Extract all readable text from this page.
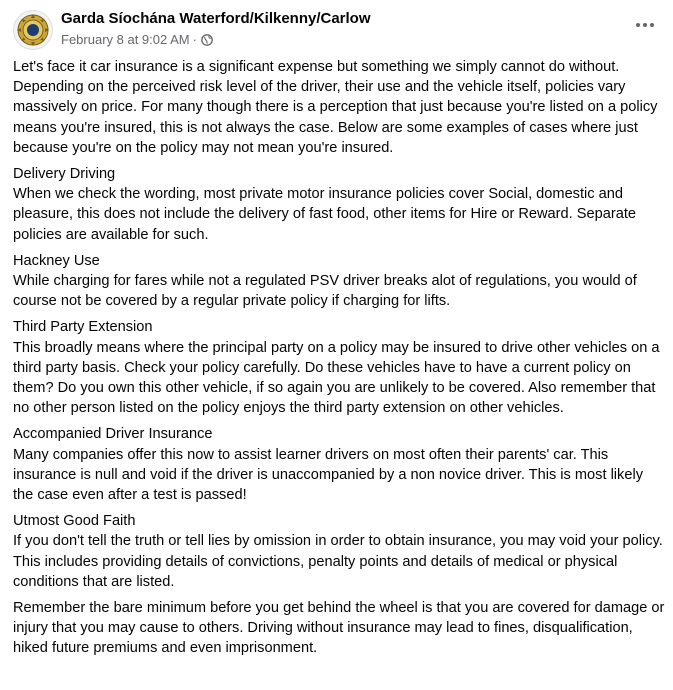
Garda Síochána Waterford/Kilkenny/Carlow
February 8 at 9:02 AM ·

Let's face it car insurance is a significant expense but something we simply cannot do without. Depending on the perceived risk level of the driver, their use and the vehicle itself, policies vary massively on price. For many though there is a perception that just because you're listed on a policy means you're insured, this is not always the case. Below are some examples of cases where just because you're on the policy may not mean you're insured.

Delivery Driving

When we check the wording, most private motor insurance policies cover Social, domestic and pleasure, this does not include the delivery of fast food, other items for Hire or Reward. Separate policies are available for such.

Hackney Use

While charging for fares while not a regulated PSV driver breaks alot of regulations, you would of course not be covered by a regular private policy if charging for lifts.

Third Party Extension

This broadly means where the principal party on a policy may be insured to drive other vehicles on a third party basis. Check your policy carefully. Do these vehicles have to have a current policy on them? Do you own this other vehicle, if so again you are unlikely to be covered. Also remember that no other person listed on the policy enjoys the third party extension on other vehicles.

Accompanied Driver Insurance

Many companies offer this now to assist learner drivers on most often their parents' car. This insurance is null and void if the driver is unaccompanied by a non novice driver. This is most likely the case even after a test is passed!

Utmost Good Faith

If you don't tell the truth or tell lies by omission in order to obtain insurance, you may void your policy. This includes providing details of convictions, penalty points and details of medical or physical conditions that are listed.

Remember the bare minimum before you get behind the wheel is that you are covered for damage or injury that you may cause to others. Driving without insurance may lead to fines, disqualification, hiked future premiums and even imprisonment.
